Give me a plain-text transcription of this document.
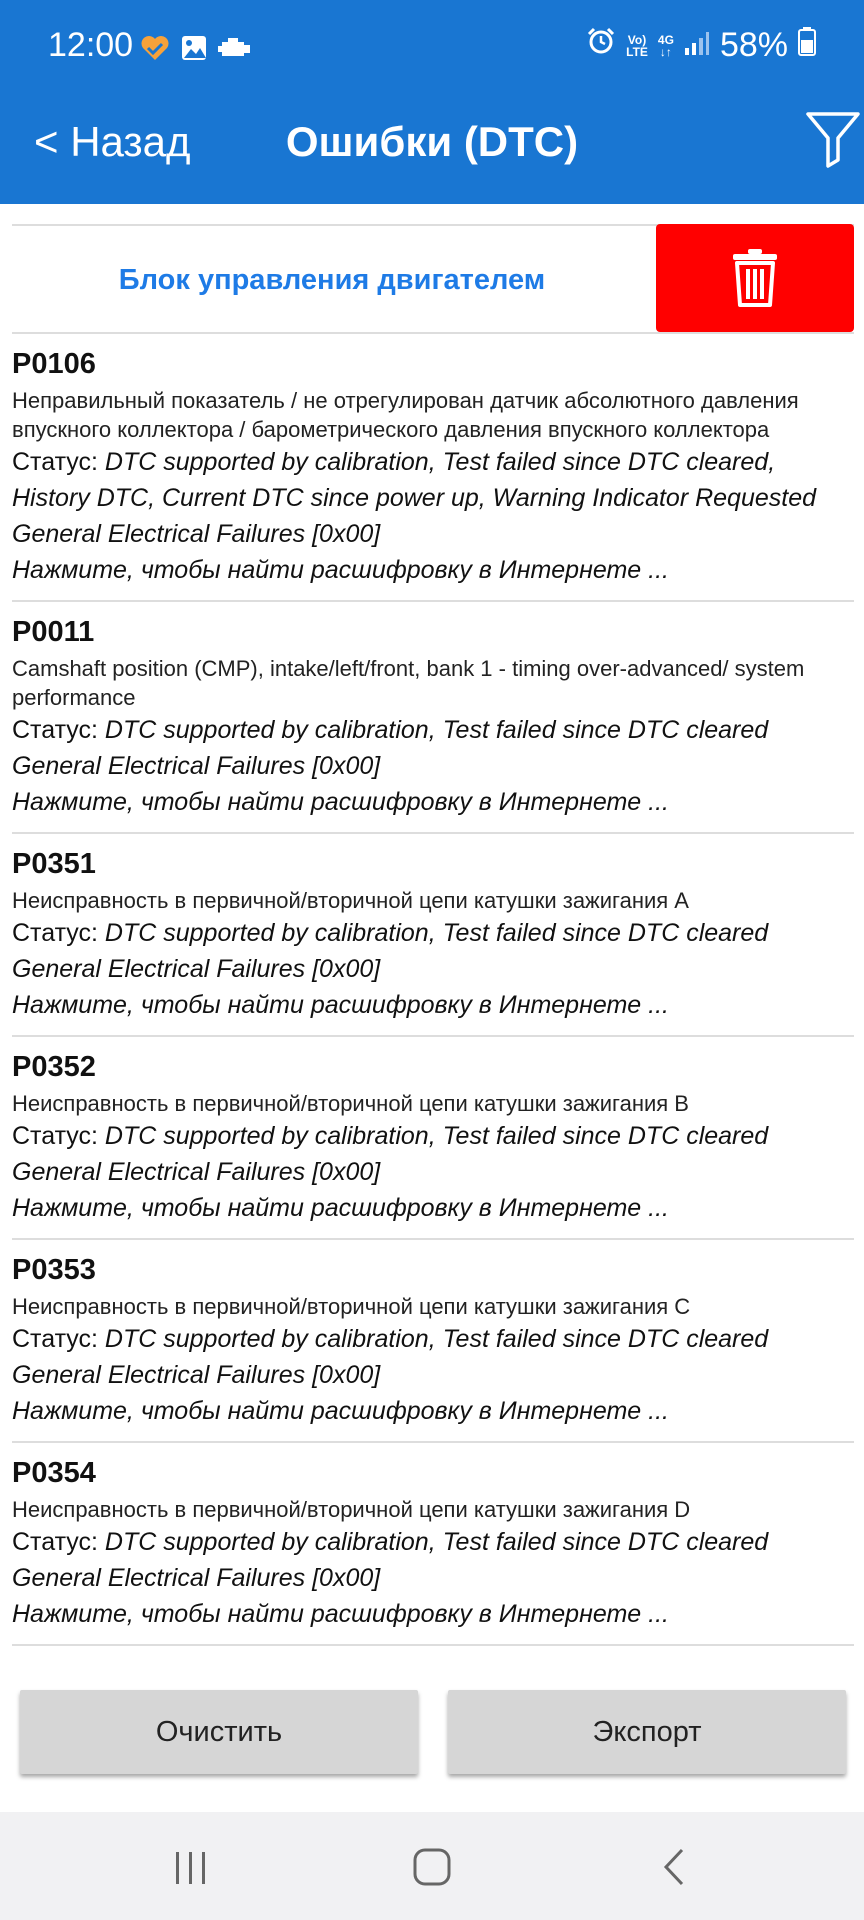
12:00	Vo)
LTE
4G
↓↑ 58%
< Назад	Ошибки (DTC)
Блок управления двигателем
P0106
Неправильный показатель / не отрегулирован датчик абсолютного давления впускного коллектора / барометрического давления впускного коллектора
Статус: DTC supported by calibration, Test failed since DTC cleared, History DTC, Current DTC since power up, Warning Indicator Requested
General Electrical Failures [0x00]
Нажмите, чтобы найти расшифровку в Интернете ...
P0011
Camshaft position (CMP), intake/left/front, bank 1 - timing over-advanced/ system performance
Статус: DTC supported by calibration, Test failed since DTC cleared
General Electrical Failures [0x00]
Нажмите, чтобы найти расшифровку в Интернете ...
P0351
Неисправность в первичной/вторичной цепи катушки зажигания A
Статус: DTC supported by calibration, Test failed since DTC cleared
General Electrical Failures [0x00]
Нажмите, чтобы найти расшифровку в Интернете ...
P0352
Неисправность в первичной/вторичной цепи катушки зажигания B
Статус: DTC supported by calibration, Test failed since DTC cleared
General Electrical Failures [0x00]
Нажмите, чтобы найти расшифровку в Интернете ...
P0353
Неисправность в первичной/вторичной цепи катушки зажигания C
Статус: DTC supported by calibration, Test failed since DTC cleared
General Electrical Failures [0x00]
Нажмите, чтобы найти расшифровку в Интернете ...
P0354
Неисправность в первичной/вторичной цепи катушки зажигания D
Статус: DTC supported by calibration, Test failed since DTC cleared
General Electrical Failures [0x00]
Нажмите, чтобы найти расшифровку в Интернете ...
Очистить	Экспорт
